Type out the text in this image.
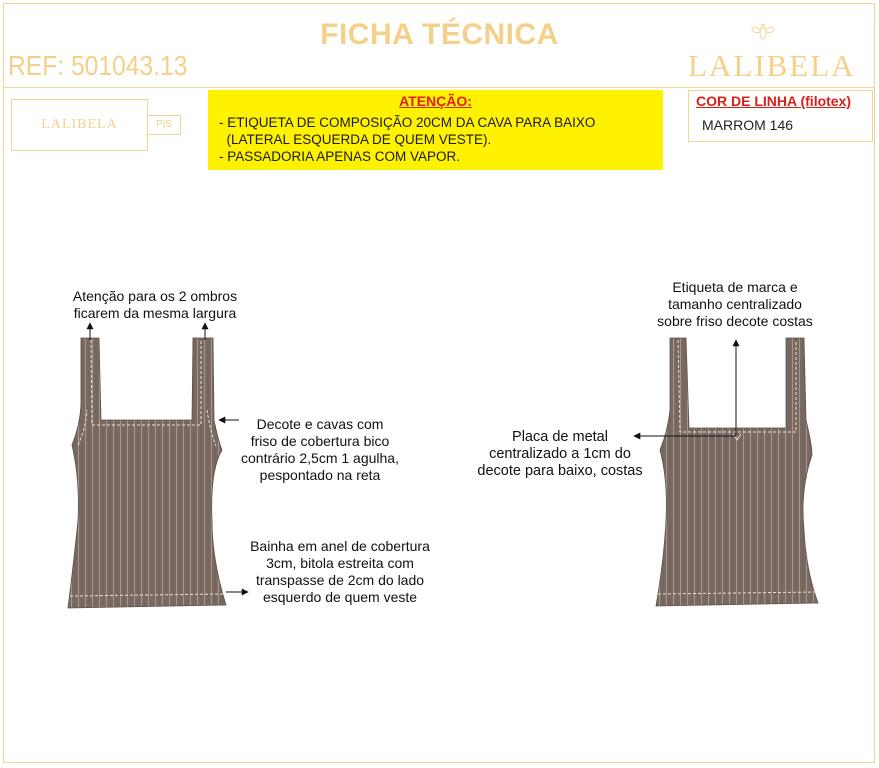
FICHA TÉCNICA
REF: 501043.13	LALIBELA
LALIBELA	P|S
ATENÇÃO:
- ETIQUETA DE COMPOSIÇÃO 20CM DA CAVA PARA BAIXO
(LATERAL ESQUERDA DE QUEM VESTE).
- PASSADORIA APENAS COM VAPOR.
COR DE LINHA (filotex)
MARROM 146
Atenção para os 2 ombros
ficarem da mesma largura
Decote e cavas com
friso de cobertura bico
contrário 2,5cm 1 agulha,
pespontado na reta
Bainha em anel de cobertura
3cm, bitola estreita com
transpasse de 2cm do lado
esquerdo de quem veste
Etiqueta de marca e
tamanho centralizado
sobre friso decote costas
Placa de metal
centralizado a 1cm do
decote para baixo, costas
